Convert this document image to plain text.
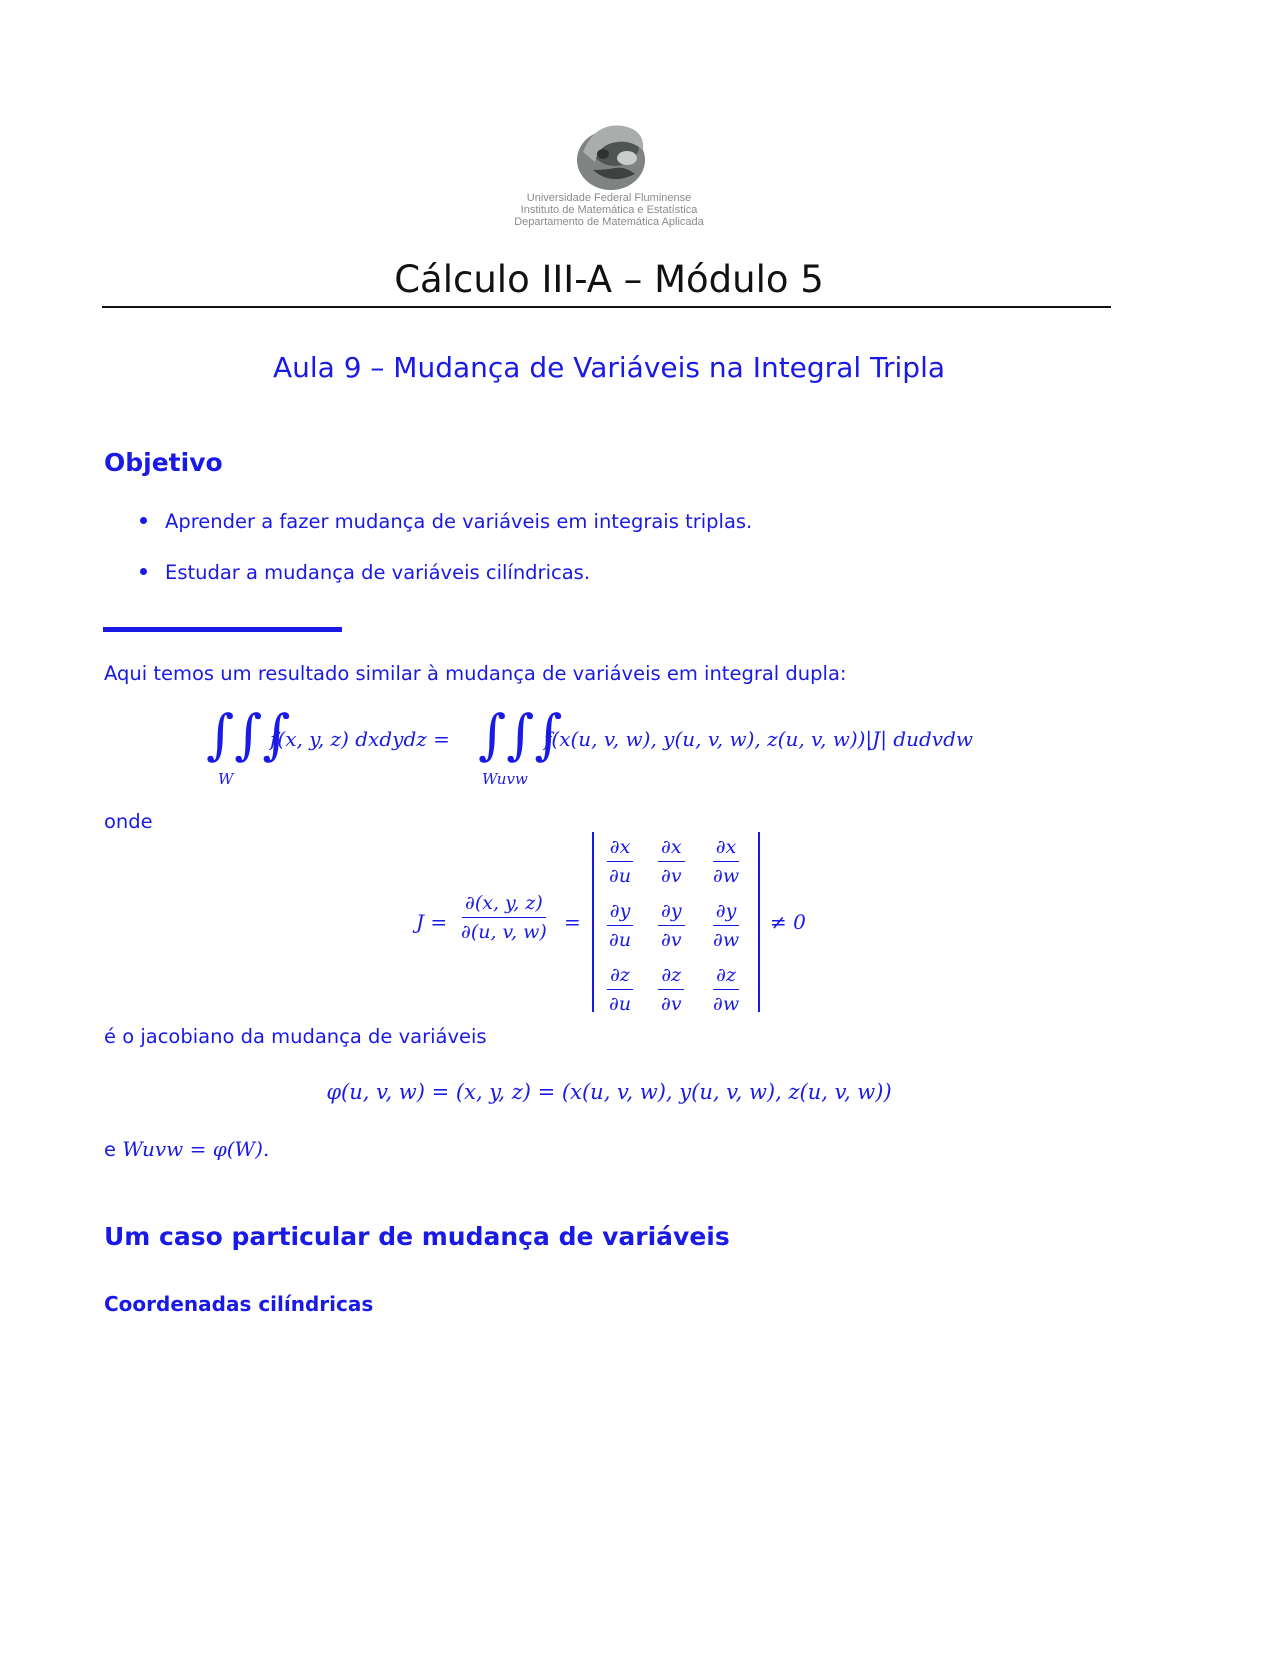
Universidade Federal Fluminense
Instituto de Matemática e Estatística
Departamento de Matemática Aplicada
Cálculo III-A – Módulo 5
Aula 9 – Mudança de Variáveis na Integral Tripla
Objetivo
Aprender a fazer mudança de variáveis em integrais triplas.
Estudar a mudança de variáveis cilíndricas.
Aqui temos um resultado similar à mudança de variáveis em integral dupla:
∫∫∫
W
f(x, y, z) dxdydz = ∫∫∫
Wuvw
f(x(u, v, w), y(u, v, w), z(u, v, w))|J| dudvdw
onde
$J = \frac{\partial(x, y, z)}{\partial(u, v, w)}$ =
$\frac{\partial x}{\partial u} \frac{\partial x}{\partial v} \frac{\partial x}{\partial w}$
$\frac{\partial y}{\partial u} \frac{\partial y}{\partial v} \frac{\partial y}{\partial w}$
$\frac{\partial z}{\partial u} \frac{\partial z}{\partial v} \frac{\partial z}{\partial w}$
≠ 0
é o jacobiano da mudança de variáveis
φ(u, v, w) = (x, y, z) = (x(u, v, w), y(u, v, w), z(u, v, w))
e Wuvw = φ(W).
Um caso particular de mudança de variáveis
Coordenadas cilíndricas
